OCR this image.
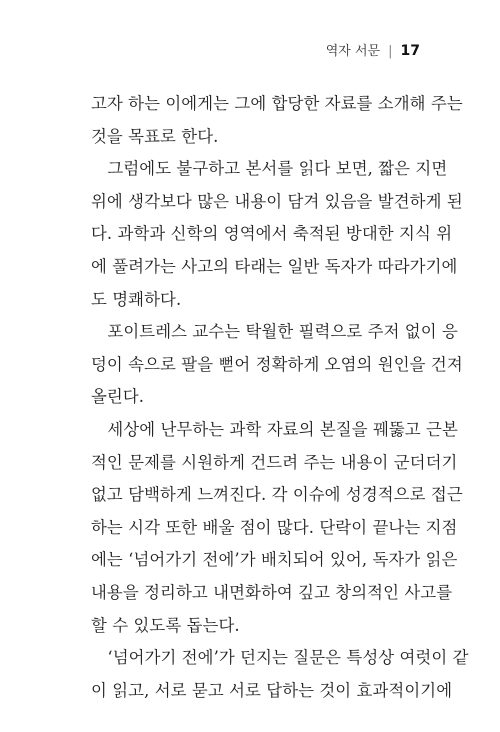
역자 서문 | 17
고자 하는 이에게는 그에 합당한 자료를 소개해 주는
것을 목표로 한다.
그럼에도 불구하고 본서를 읽다 보면, 짧은 지면
위에 생각보다 많은 내용이 담겨 있음을 발견하게 된
다. 과학과 신학의 영역에서 축적된 방대한 지식 위
에 풀려가는 사고의 타래는 일반 독자가 따라가기에
도 명쾌하다.
포이트레스 교수는 탁월한 필력으로 주저 없이 응
덩이 속으로 팔을 뻗어 정확하게 오염의 원인을 건져
올린다.
세상에 난무하는 과학 자료의 본질을 꿰뚫고 근본
적인 문제를 시원하게 건드려 주는 내용이 군더더기
없고 담백하게 느껴진다. 각 이슈에 성경적으로 접근
하는 시각 또한 배울 점이 많다. 단락이 끝나는 지점
에는 ‘넘어가기 전에’가 배치되어 있어, 독자가 읽은
내용을 정리하고 내면화하여 깊고 창의적인 사고를
할 수 있도록 돕는다.
‘넘어가기 전에’가 던지는 질문은 특성상 여럿이 같
이 읽고, 서로 묻고 서로 답하는 것이 효과적이기에
